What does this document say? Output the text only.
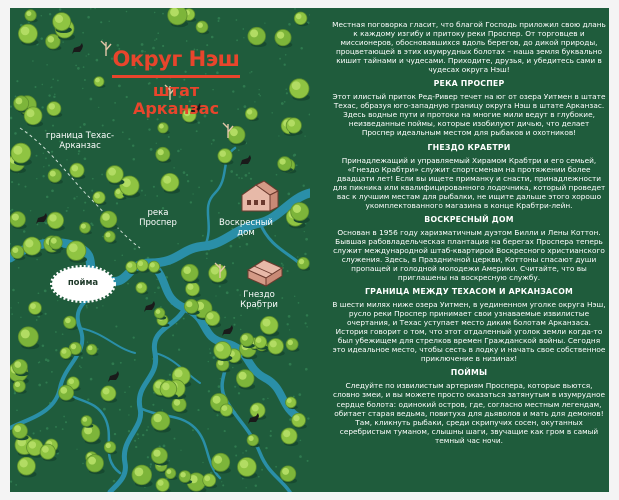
Округ Нэш
штат Арканзас
граница Техас-Арканзас
река Проспер	Воскресный дом
Гнездо Крабтри
пойма

Местная поговорка гласит, что благой Господь приложил свою длань к каждому изгибу и притоку реки Проспер. От торговцев и миссионеров, обосновавшихся вдоль берегов, до дикой природы, процветающей в этих изумрудных болотах – наша земля буквально кишит тайнами и чудесами. Приходите, друзья, и убедитесь сами в чудесах округа Нэш!

РЕКА ПРОСПЕР

Этот илистый приток Ред-Ривер течет на юг от озера Уитмен в штате Техас, образуя юго-западную границу округа Нэш в штате Арканзас. Здесь водные пути и протоки на многие мили ведут в глубокие, неизведанные поймы, которые изобилуют дичью, что делает Проспер идеальным местом для рыбаков и охотников!

ГНЕЗДО КРАБТРИ

Принадлежащий и управляемый Хирамом Крабтри и его семьей, «Гнездо Крабтри» служит спортсменам на протяжении более двадцати лет! Если вы ищете приманку и снасти, принадлежности для пикника или квалифицированного лодочника, который проведет вас к лучшим местам для рыбалки, не ищите дальше этого хорошо укомплектованного магазина в конце Крабтри-лейн.

ВОСКРЕСНЫЙ ДОМ

Основан в 1956 году харизматичным дуэтом Билли и Лены Коттон. Бывшая рабовладельческая плантация на берегах Проспера теперь служит международной штаб-квартирой Воскресного христианского служения. Здесь, в Праздничной церкви, Коттоны спасают души пропащей и голодной молодежи Америки. Считайте, что вы приглашены на воскресную службу.

ГРАНИЦА МЕЖДУ ТЕХАСОМ И АРКАНЗАСОМ

В шести милях ниже озера Уитмен, в уединенном уголке округа Нэш, русло реки Проспер принимает свои узнаваемые извилистые очертания, и Техас уступает место диким болотам Арканзаса. История говорит о том, что этот отдаленный уголок земли когда-то был убежищем для стрелков времен Гражданской войны. Сегодня это идеальное место, чтобы сесть в лодку и начать свое собственное приключение в низинах!

ПОЙМЫ

Следуйте по извилистым артериям Проспера, которые вьются, словно змеи, и вы можете просто оказаться затянутым в изумрудное сердце болота: одинокий остров, где, согласно местным легендам, обитает старая ведьма, повитуха для дьяволов и мать для демонов! Там, кликнуть рыбаки, среди скрипучих сосен, окутанных серебристым туманом, слышны шаги, звучащие как гром в самый темный час ночи.
